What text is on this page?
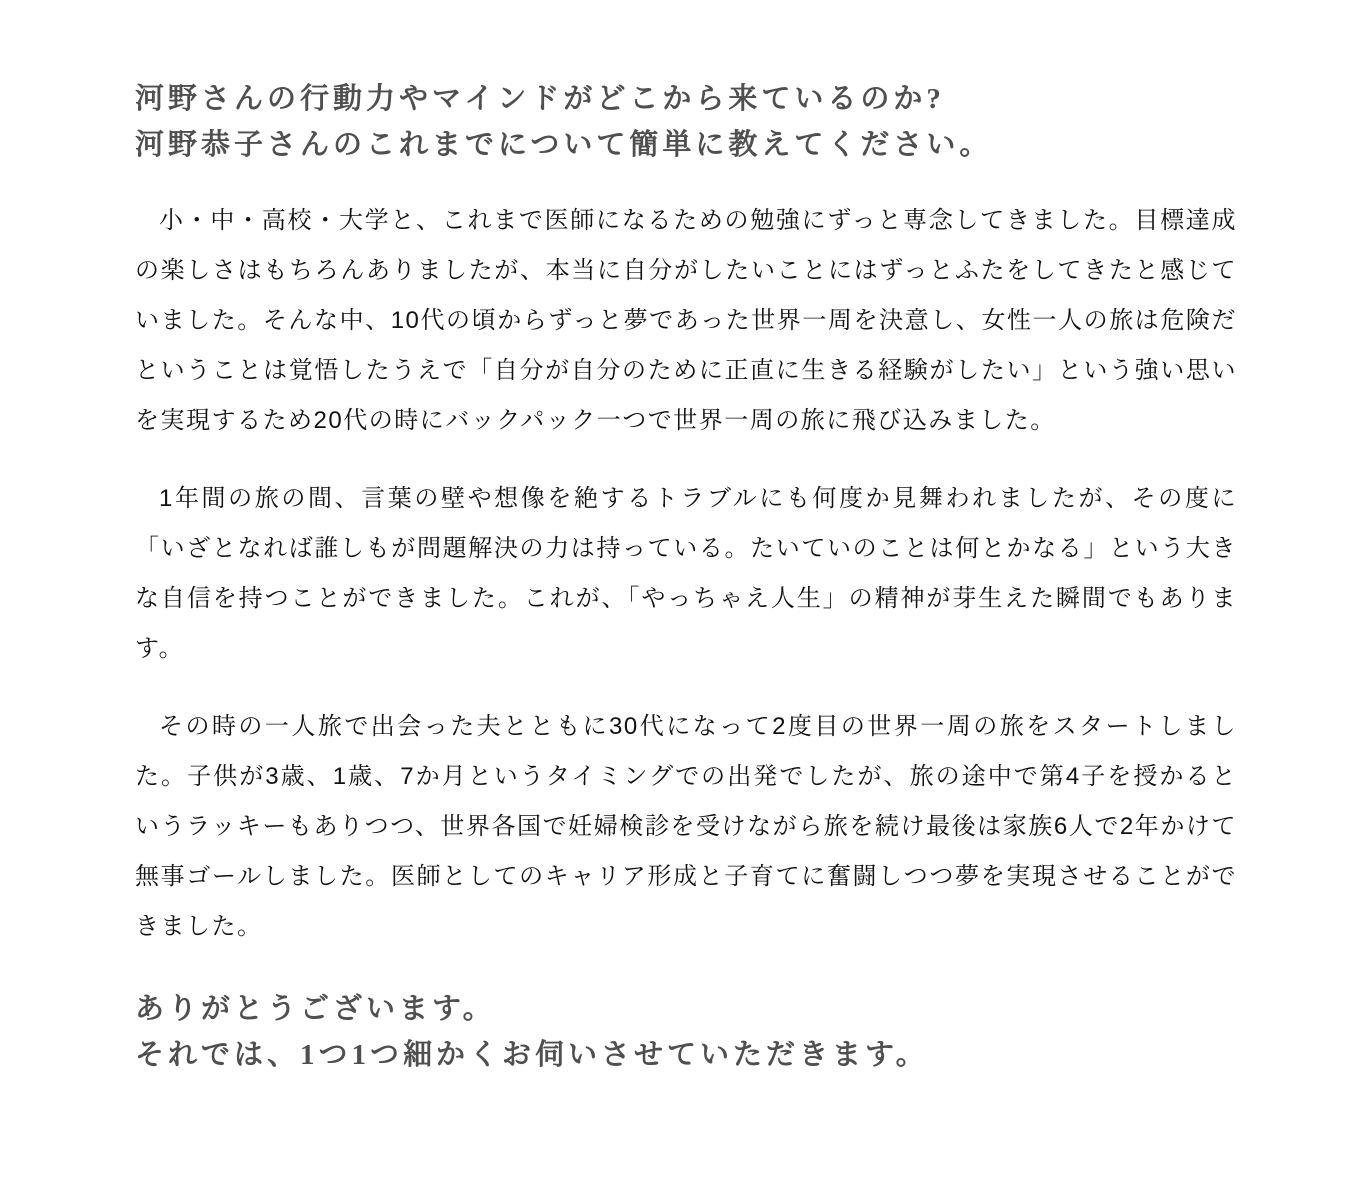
河野さんの行動力やマインドがどこから来ているのか?
河野恭子さんのこれまでについて簡単に教えてください。

小・中・高校・大学と、これまで医師になるための勉強にずっと専念してきました。目標達成の楽しさはもちろんありましたが、本当に自分がしたいことにはずっとふたをしてきたと感じていました。そんな中、10代の頃からずっと夢であった世界一周を決意し、女性一人の旅は危険だということは覚悟したうえで「自分が自分のために正直に生きる経験がしたい」という強い思いを実現するため20代の時にバックパック一つで世界一周の旅に飛び込みました。

1年間の旅の間、言葉の壁や想像を絶するトラブルにも何度か見舞われましたが、その度に「いざとなれば誰しもが問題解決の力は持っている。たいていのことは何とかなる」という大きな自信を持つことができました。これが、「やっちゃえ人生」の精神が芽生えた瞬間でもあります。

その時の一人旅で出会った夫とともに30代になって2度目の世界一周の旅をスタートしました。子供が3歳、1歳、7か月というタイミングでの出発でしたが、旅の途中で第4子を授かるというラッキーもありつつ、世界各国で妊婦検診を受けながら旅を続け最後は家族6人で2年かけて無事ゴールしました。医師としてのキャリア形成と子育てに奮闘しつつ夢を実現させることができました。

ありがとうございます。
それでは、1つ1つ細かくお伺いさせていただきます。
